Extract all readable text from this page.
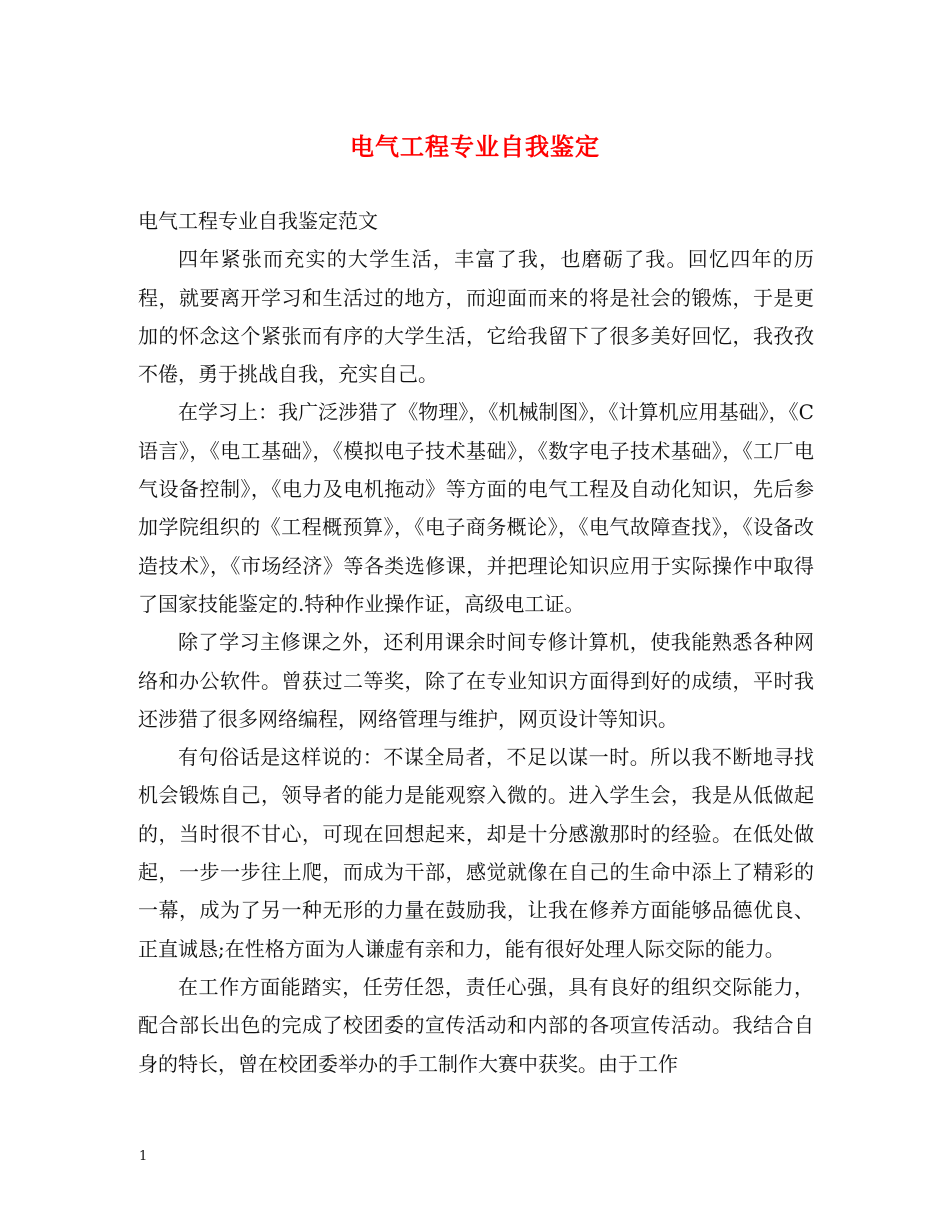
电气工程专业自我鉴定

电气工程专业自我鉴定范文

四年紧张而充实的大学生活，丰富了我，也磨砺了我。回忆四年的历程，就要离开学习和生活过的地方，而迎面而来的将是社会的锻炼，于是更加的怀念这个紧张而有序的大学生活，它给我留下了很多美好回忆，我孜孜不倦，勇于挑战自我，充实自己。

在学习上：我广泛涉猎了《物理》，《机械制图》，《计算机应用基础》，《C语言》，《电工基础》，《模拟电子技术基础》，《数字电子技术基础》，《工厂电气设备控制》，《电力及电机拖动》等方面的电气工程及自动化知识，先后参加学院组织的《工程概预算》，《电子商务概论》，《电气故障查找》，《设备改造技术》，《市场经济》等各类选修课，并把理论知识应用于实际操作中取得了国家技能鉴定的.特种作业操作证，高级电工证。

除了学习主修课之外，还利用课余时间专修计算机，使我能熟悉各种网络和办公软件。曾获过二等奖，除了在专业知识方面得到好的成绩，平时我还涉猎了很多网络编程，网络管理与维护，网页设计等知识。

有句俗话是这样说的：不谋全局者，不足以谋一时。所以我不断地寻找机会锻炼自己，领导者的能力是能观察入微的。进入学生会，我是从低做起的，当时很不甘心，可现在回想起来，却是十分感激那时的经验。在低处做起，一步一步往上爬，而成为干部，感觉就像在自己的生命中添上了精彩的一幕，成为了另一种无形的力量在鼓励我，让我在修养方面能够品德优良、正直诚恳;在性格方面为人谦虚有亲和力，能有很好处理人际交际的能力。

在工作方面能踏实，任劳任怨，责任心强，具有良好的组织交际能力，配合部长出色的完成了校团委的宣传活动和内部的各项宣传活动。我结合自身的特长，曾在校团委举办的手工制作大赛中获奖。由于工作

1
